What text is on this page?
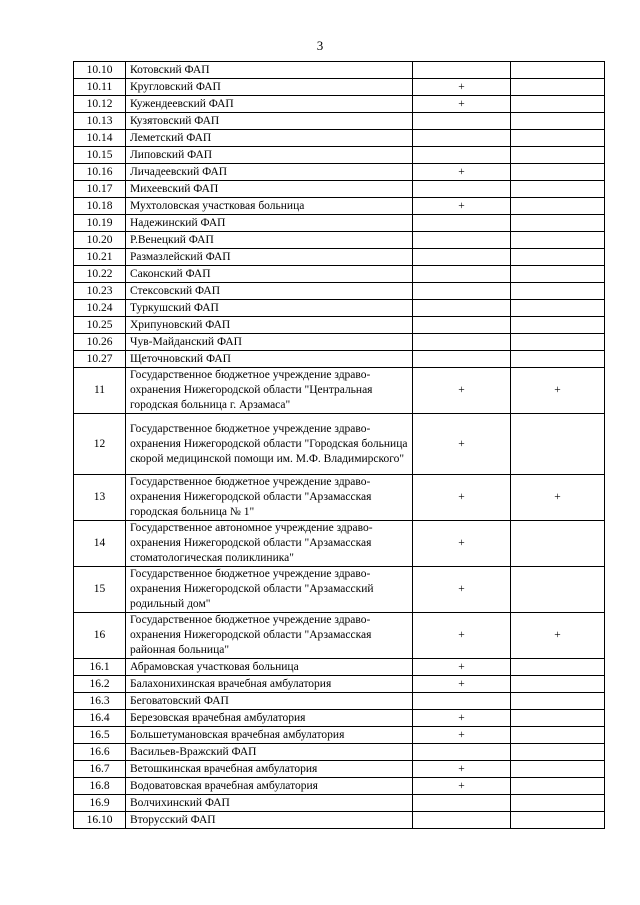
3
10.10	Котовский ФАП		
10.11	Кругловский ФАП	+	
10.12	Кужендеевский ФАП	+	
10.13	Кузятовский ФАП		
10.14	Леметский ФАП		
10.15	Липовский ФАП		
10.16	Личадеевский ФАП	+	
10.17	Михеевский ФАП		
10.18	Мухтоловская участковая больница	+	
10.19	Надежинский ФАП		
10.20	Р.Венецкий ФАП		
10.21	Размазлейский ФАП		
10.22	Саконский ФАП		
10.23	Стексовский ФАП		
10.24	Туркушский ФАП		
10.25	Хрипуновский ФАП		
10.26	Чув-Майданский ФАП		
10.27	Щеточновский ФАП		
11	Государственное бюджетное учреждение здраво-охранения Нижегородской области "Центральная городская больница г. Арзамаса"	+	+
12	Государственное бюджетное учреждение здраво-охранения Нижегородской области "Городская больница скорой медицинской помощи им. М.Ф. Владимирского"	+	
13	Государственное бюджетное учреждение здраво-охранения Нижегородской области "Арзамасская городская больница № 1"	+	+
14	Государственное автономное учреждение здраво-охранения Нижегородской области "Арзамасская стоматологическая поликлиника"	+	
15	Государственное бюджетное учреждение здраво-охранения Нижегородской области "Арзамасский родильный дом"	+	
16	Государственное бюджетное учреждение здраво-охранения Нижегородской области "Арзамасская районная больница"	+	+
16.1	Абрамовская участковая больница	+	
16.2	Балахонихинская врачебная амбулатория	+	
16.3	Беговатовский ФАП		
16.4	Березовская врачебная амбулатория	+	
16.5	Большетумановская врачебная амбулатория	+	
16.6	Васильев-Вражский ФАП		
16.7	Ветошкинская врачебная амбулатория	+	
16.8	Водоватовская врачебная амбулатория	+	
16.9	Волчихинский ФАП		
16.10	Вторусский ФАП		
